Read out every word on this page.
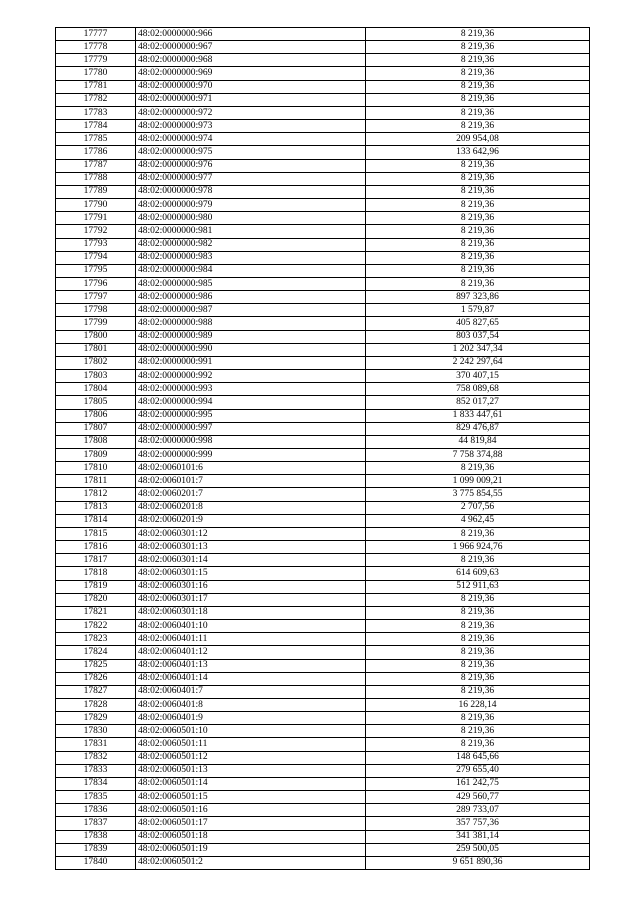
17777	48:02:0000000:966	8 219,36
17778	48:02:0000000:967	8 219,36
17779	48:02:0000000:968	8 219,36
17780	48:02:0000000:969	8 219,36
17781	48:02:0000000:970	8 219,36
17782	48:02:0000000:971	8 219,36
17783	48:02:0000000:972	8 219,36
17784	48:02:0000000:973	8 219,36
17785	48:02:0000000:974	209 954,08
17786	48:02:0000000:975	133 642,96
17787	48:02:0000000:976	8 219,36
17788	48:02:0000000:977	8 219,36
17789	48:02:0000000:978	8 219,36
17790	48:02:0000000:979	8 219,36
17791	48:02:0000000:980	8 219,36
17792	48:02:0000000:981	8 219,36
17793	48:02:0000000:982	8 219,36
17794	48:02:0000000:983	8 219,36
17795	48:02:0000000:984	8 219,36
17796	48:02:0000000:985	8 219,36
17797	48:02:0000000:986	897 323,86
17798	48:02:0000000:987	1 579,87
17799	48:02:0000000:988	405 827,65
17800	48:02:0000000:989	803 037,54
17801	48:02:0000000:990	1 202 347,34
17802	48:02:0000000:991	2 242 297,64
17803	48:02:0000000:992	370 407,15
17804	48:02:0000000:993	758 089,68
17805	48:02:0000000:994	852 017,27
17806	48:02:0000000:995	1 833 447,61
17807	48:02:0000000:997	829 476,87
17808	48:02:0000000:998	44 819,84
17809	48:02:0000000:999	7 758 374,88
17810	48:02:0060101:6	8 219,36
17811	48:02:0060101:7	1 099 009,21
17812	48:02:0060201:7	3 775 854,55
17813	48:02:0060201:8	2 707,56
17814	48:02:0060201:9	4 962,45
17815	48:02:0060301:12	8 219,36
17816	48:02:0060301:13	1 966 924,76
17817	48:02:0060301:14	8 219,36
17818	48:02:0060301:15	614 609,63
17819	48:02:0060301:16	512 911,63
17820	48:02:0060301:17	8 219,36
17821	48:02:0060301:18	8 219,36
17822	48:02:0060401:10	8 219,36
17823	48:02:0060401:11	8 219,36
17824	48:02:0060401:12	8 219,36
17825	48:02:0060401:13	8 219,36
17826	48:02:0060401:14	8 219,36
17827	48:02:0060401:7	8 219,36
17828	48:02:0060401:8	16 228,14
17829	48:02:0060401:9	8 219,36
17830	48:02:0060501:10	8 219,36
17831	48:02:0060501:11	8 219,36
17832	48:02:0060501:12	148 645,66
17833	48:02:0060501:13	279 655,40
17834	48:02:0060501:14	161 242,75
17835	48:02:0060501:15	429 560,77
17836	48:02:0060501:16	289 733,07
17837	48:02:0060501:17	357 757,36
17838	48:02:0060501:18	341 381,14
17839	48:02:0060501:19	259 500,05
17840	48:02:0060501:2	9 651 890,36
